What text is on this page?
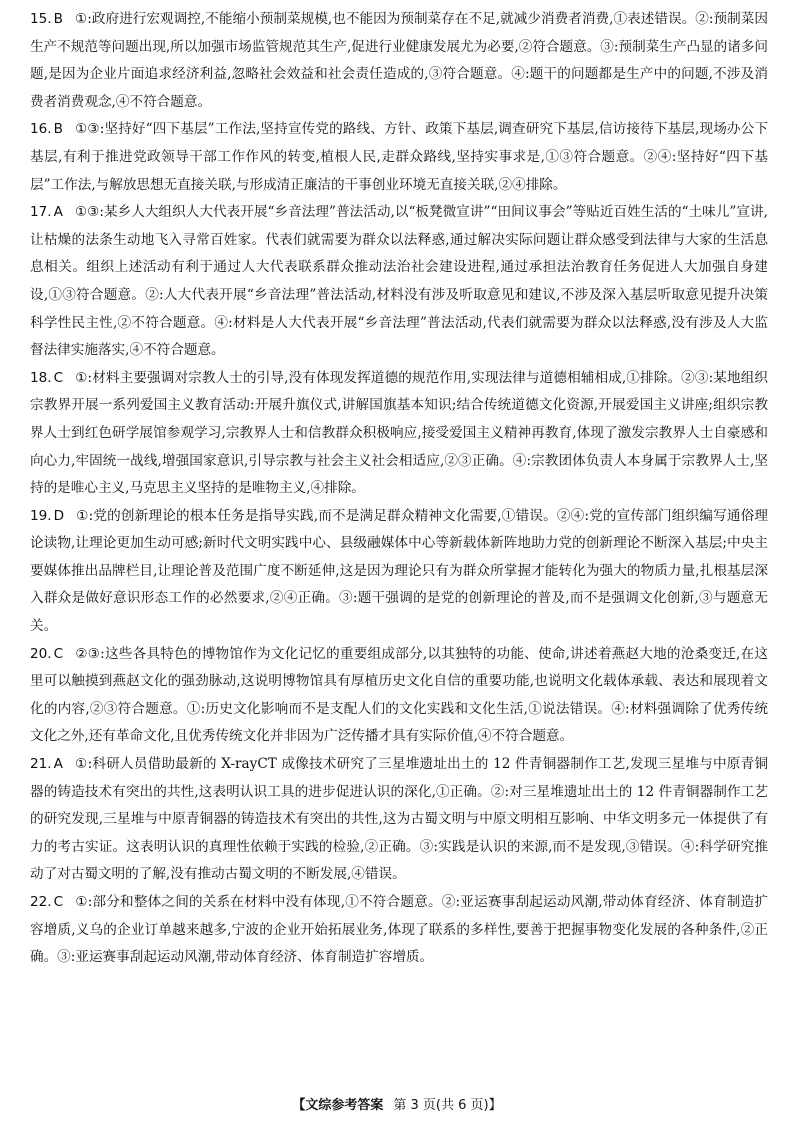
15. B ①:政府进行宏观调控,不能缩小预制菜规模,也不能因为预制菜存在不足,就减少消费者消费,①表述错误。②:预制菜因生产不规范等问题出现,所以加强市场监管规范其生产,促进行业健康发展尤为必要,②符合题意。③:预制菜生产凸显的诸多问题,是因为企业片面追求经济利益,忽略社会效益和社会责任造成的,③符合题意。④:题干的问题都是生产中的问题,不涉及消费者消费观念,④不符合题意。

16. B ①③:坚持好“四下基层”工作法,坚持宣传党的路线、方针、政策下基层,调查研究下基层,信访接待下基层,现场办公下基层,有利于推进党政领导干部工作作风的转变,植根人民,走群众路线,坚持实事求是,①③符合题意。②④:坚持好“四下基层”工作法,与解放思想无直接关联,与形成清正廉洁的干事创业环境无直接关联,②④排除。

17. A ①③:某乡人大组织人大代表开展“乡音法理”普法活动,以“板凳微宣讲”“田间议事会”等贴近百姓生活的“土味儿”宣讲,让枯燥的法条生动地飞入寻常百姓家。代表们就需要为群众以法释惑,通过解决实际问题让群众感受到法律与大家的生活息息相关。组织上述活动有利于通过人大代表联系群众推动法治社会建设进程,通过承担法治教育任务促进人大加强自身建设,①③符合题意。②:人大代表开展“乡音法理”普法活动,材料没有涉及听取意见和建议,不涉及深入基层听取意见提升决策科学性民主性,②不符合题意。④:材料是人大代表开展“乡音法理”普法活动,代表们就需要为群众以法释惑,没有涉及人大监督法律实施落实,④不符合题意。

18. C ①:材料主要强调对宗教人士的引导,没有体现发挥道德的规范作用,实现法律与道德相辅相成,①排除。②③:某地组织宗教界开展一系列爱国主义教育活动:开展升旗仪式,讲解国旗基本知识;结合传统道德文化资源,开展爱国主义讲座;组织宗教界人士到红色研学展馆参观学习,宗教界人士和信教群众积极响应,接受爱国主义精神再教育,体现了激发宗教界人士自豪感和向心力,牢固统一战线,增强国家意识,引导宗教与社会主义社会相适应,②③正确。④:宗教团体负责人本身属于宗教界人士,坚持的是唯心主义,马克思主义坚持的是唯物主义,④排除。

19. D ①:党的创新理论的根本任务是指导实践,而不是满足群众精神文化需要,①错误。②④:党的宣传部门组织编写通俗理论读物,让理论更加生动可感;新时代文明实践中心、县级融媒体中心等新载体新阵地助力党的创新理论不断深入基层;中央主要媒体推出品牌栏目,让理论普及范围广度不断延伸,这是因为理论只有为群众所掌握才能转化为强大的物质力量,扎根基层深入群众是做好意识形态工作的必然要求,②④正确。③:题干强调的是党的创新理论的普及,而不是强调文化创新,③与题意无关。

20. C ②③:这些各具特色的博物馆作为文化记忆的重要组成部分,以其独特的功能、使命,讲述着燕赵大地的沧桑变迁,在这里可以触摸到燕赵文化的强劲脉动,这说明博物馆具有厚植历史文化自信的重要功能,也说明文化载体承载、表达和展现着文化的内容,②③符合题意。①:历史文化影响而不是支配人们的文化实践和文化生活,①说法错误。④:材料强调除了优秀传统文化之外,还有革命文化,且优秀传统文化并非因为广泛传播才具有实际价值,④不符合题意。

21. A ①:科研人员借助最新的 X-rayCT 成像技术研究了三星堆遗址出土的 12 件青铜器制作工艺,发现三星堆与中原青铜器的铸造技术有突出的共性,这表明认识工具的进步促进认识的深化,①正确。②:对三星堆遗址出土的 12 件青铜器制作工艺的研究发现,三星堆与中原青铜器的铸造技术有突出的共性,这为古蜀文明与中原文明相互影响、中华文明多元一体提供了有力的考古实证。这表明认识的真理性依赖于实践的检验,②正确。③:实践是认识的来源,而不是发现,③错误。④:科学研究推动了对古蜀文明的了解,没有推动古蜀文明的不断发展,④错误。

22. C ①:部分和整体之间的关系在材料中没有体现,①不符合题意。②:亚运赛事刮起运动风潮,带动体育经济、体育制造扩容增质,义乌的企业订单越来越多,宁波的企业开始拓展业务,体现了联系的多样性,要善于把握事物变化发展的各种条件,②正确。③:亚运赛事刮起运动风潮,带动体育经济、体育制造扩容增质。

【文综参考答案 第 3 页(共 6 页)】
